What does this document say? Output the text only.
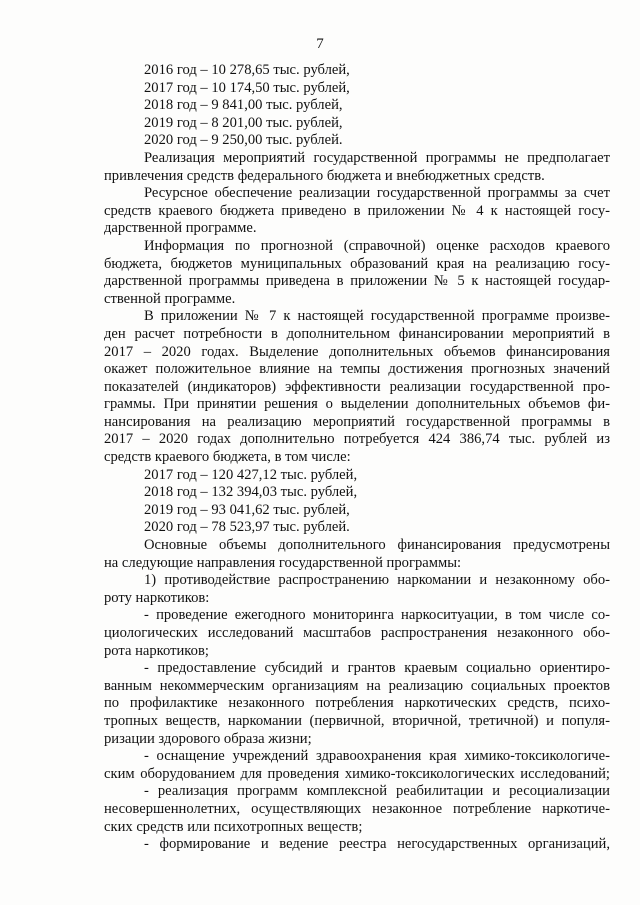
7
2016 год – 10 278,65 тыс. рублей,
2017 год – 10 174,50 тыс. рублей,
2018 год – 9 841,00 тыс. рублей,
2019 год – 8 201,00 тыс. рублей,
2020 год – 9 250,00 тыс. рублей.
Реализация мероприятий государственной программы не предполагает
привлечения средств федерального бюджета и внебюджетных средств.
Ресурсное обеспечение реализации государственной программы за счет
средств краевого бюджета приведено в приложении № 4 к настоящей госу-
дарственной программе.
Информация по прогнозной (справочной) оценке расходов краевого
бюджета, бюджетов муниципальных образований края на реализацию госу-
дарственной программы приведена в приложении № 5 к настоящей государ-
ственной программе.
В приложении № 7 к настоящей государственной программе произве-
ден расчет потребности в дополнительном финансировании мероприятий в
2017 – 2020 годах. Выделение дополнительных объемов финансирования
окажет положительное влияние на темпы достижения прогнозных значений
показателей (индикаторов) эффективности реализации государственной про-
граммы. При принятии решения о выделении дополнительных объемов фи-
нансирования на реализацию мероприятий государственной программы в
2017 – 2020 годах дополнительно потребуется 424 386,74 тыс. рублей из
средств краевого бюджета, в том числе:
2017 год – 120 427,12 тыс. рублей,
2018 год – 132 394,03 тыс. рублей,
2019 год – 93 041,62 тыс. рублей,
2020 год – 78 523,97 тыс. рублей.
Основные объемы дополнительного финансирования предусмотрены
на следующие направления государственной программы:
1) противодействие распространению наркомании и незаконному обо-
роту наркотиков:
- проведение ежегодного мониторинга наркоситуации, в том числе со-
циологических исследований масштабов распространения незаконного обо-
рота наркотиков;
- предоставление субсидий и грантов краевым социально ориентиро-
ванным некоммерческим организациям на реализацию социальных проектов
по профилактике незаконного потребления наркотических средств, психо-
тропных веществ, наркомании (первичной, вторичной, третичной) и популя-
ризации здорового образа жизни;
- оснащение учреждений здравоохранения края химико-токсикологиче-
ским оборудованием для проведения химико-токсикологических исследований;
- реализация программ комплексной реабилитации и ресоциализации
несовершеннолетних, осуществляющих незаконное потребление наркотиче-
ских средств или психотропных веществ;
- формирование и ведение реестра негосударственных организаций,
